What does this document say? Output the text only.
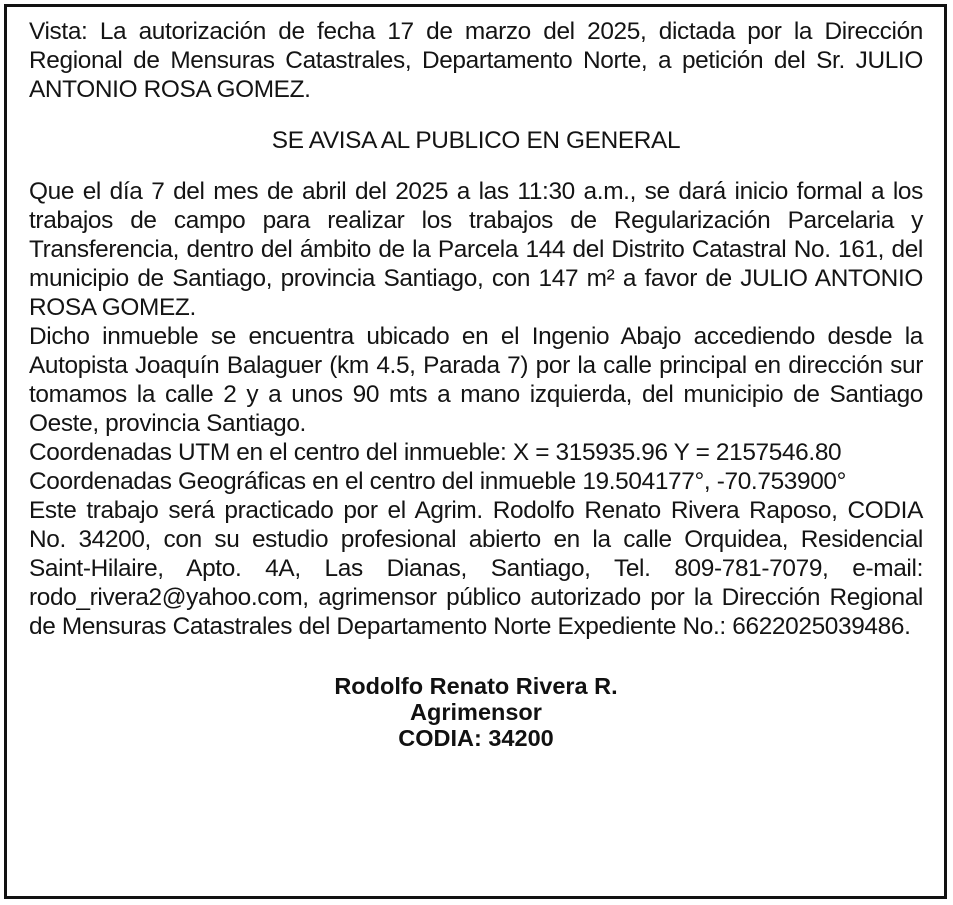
Vista: La autorización de fecha 17 de marzo del 2025, dictada por la Dirección Regional de Mensuras Catastrales, Departamento Norte, a petición del Sr. JULIO ANTONIO ROSA GOMEZ.

SE AVISA AL PUBLICO EN GENERAL

Que el día 7 del mes de abril del 2025 a las 11:30 a.m., se dará inicio formal a los trabajos de campo para realizar los trabajos de Regularización Parcelaria y Transferencia, dentro del ámbito de la Parcela 144 del Distrito Catastral No. 161, del municipio de Santiago, provincia Santiago, con 147 m² a favor de JULIO ANTONIO ROSA GOMEZ.

Dicho inmueble se encuentra ubicado en el Ingenio Abajo accediendo desde la Autopista Joaquín Balaguer (km 4.5, Parada 7) por la calle principal en dirección sur tomamos la calle 2 y a unos 90 mts a mano izquierda, del municipio de Santiago Oeste, provincia Santiago.

Coordenadas UTM en el centro del inmueble: X = 315935.96 Y = 2157546.80

Coordenadas Geográficas en el centro del inmueble 19.504177°, -70.753900°

Este trabajo será practicado por el Agrim. Rodolfo Renato Rivera Raposo, CODIA No. 34200, con su estudio profesional abierto en la calle Orquidea, Residencial Saint-Hilaire, Apto. 4A, Las Dianas, Santiago, Tel. 809-781-7079, e-mail: rodo_rivera2@yahoo.com, agrimensor público autorizado por la Dirección Regional de Mensuras Catastrales del Departamento Norte Expediente No.: 6622025039486.

Rodolfo Renato Rivera R.
Agrimensor
CODIA: 34200
